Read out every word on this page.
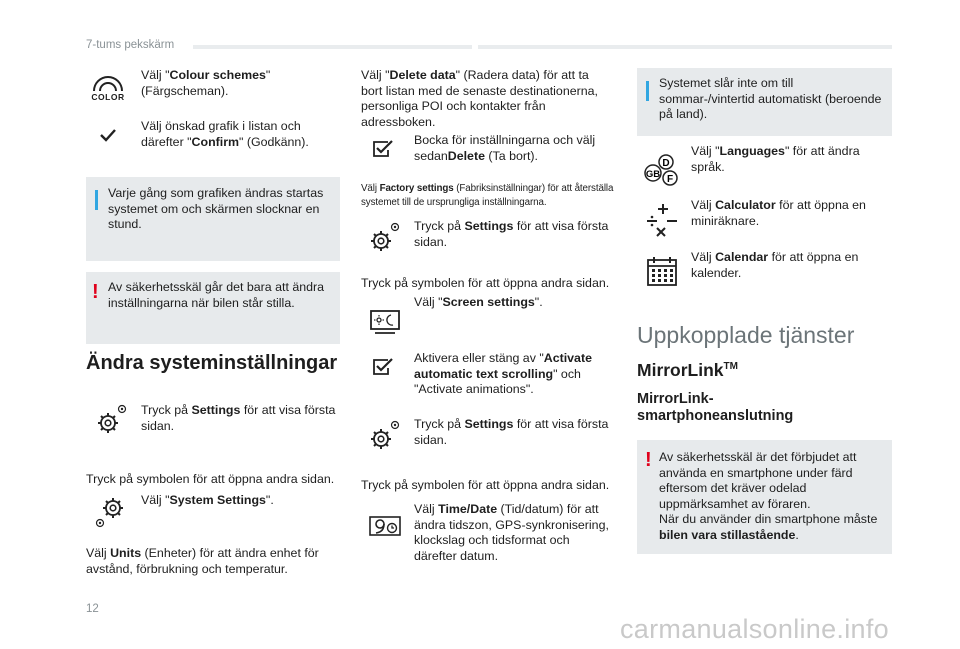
7-tums pekskärm
COLOR
Välj "Colour schemes" (Färgscheman).
Välj önskad grafik i listan och därefter "Confirm" (Godkänn).
Varje gång som grafiken ändras startas systemet om och skärmen slocknar en stund.
! Av säkerhetsskäl går det bara att ändra inställningarna när bilen står stilla.
Ändra systeminställningar
Tryck på Settings för att visa första sidan.
Tryck på symbolen för att öppna andra sidan.
Välj "System Settings".
Välj Units (Enheter) för att ändra enhet för avstånd, förbrukning och temperatur.
Välj "Delete data" (Radera data) för att ta bort listan med de senaste destinationerna, personliga POI och kontakter från adressboken.
Bocka för inställningarna och välj sedanDelete (Ta bort).
Välj Factory settings (Fabriksinställningar) för att återställa systemet till de ursprungliga inställningarna.
Tryck på Settings för att visa första sidan.
Tryck på symbolen för att öppna andra sidan.
Välj "Screen settings".
Aktivera eller stäng av "Activate automatic text scrolling" och "Activate animations".
Tryck på Settings för att visa första sidan.
Tryck på symbolen för att öppna andra sidan.
Välj Time/Date (Tid/datum) för att ändra tidszon, GPS-synkronisering, klockslag och tidsformat och därefter datum.
Systemet slår inte om till sommar-/vintertid automatiskt (beroende på land).
D
GB F
Välj "Languages" för att ändra språk.
Välj Calculator för att öppna en miniräknare.
Välj Calendar för att öppna en kalender.
Uppkopplade tjänster
MirrorLink™
MirrorLink-
smartphoneanslutning
! Av säkerhetsskäl är det förbjudet att använda en smartphone under färd eftersom det kräver odelad uppmärksamhet av föraren.
När du använder din smartphone måste bilen vara stillastående.
12
carmanualsonline.info
